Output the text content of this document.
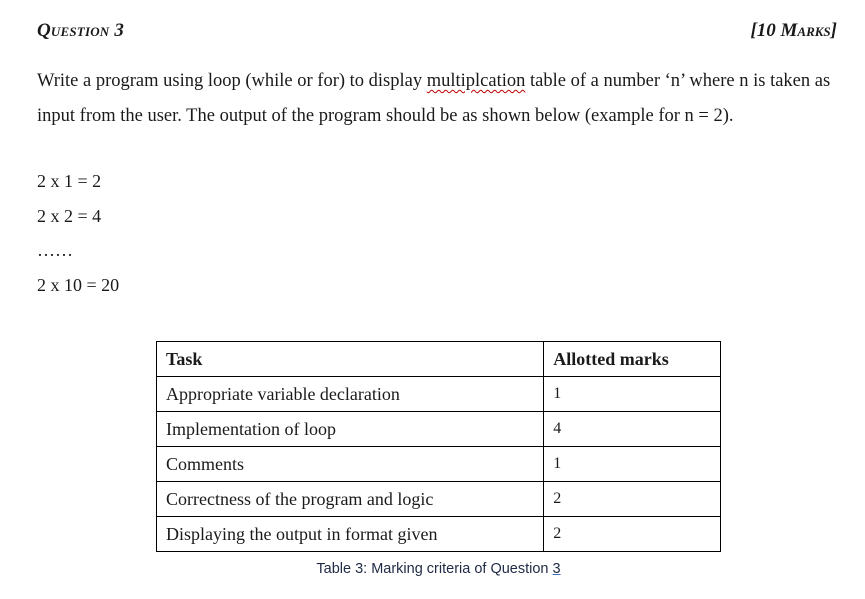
Question 3	[10 Marks]
Write a program using loop (while or for) to display multiplcation table of a number ‘n’ where n is taken as input from the user. The output of the program should be as shown below (example for n = 2).
2 x 1 = 2
2 x 2 = 4
……
2 x 10 = 20
Task	Allotted marks
Appropriate variable declaration	1
Implementation of loop	4
Comments	1
Correctness of the program and logic	2
Displaying the output in format given	2
Table 3: Marking criteria of Question 3
